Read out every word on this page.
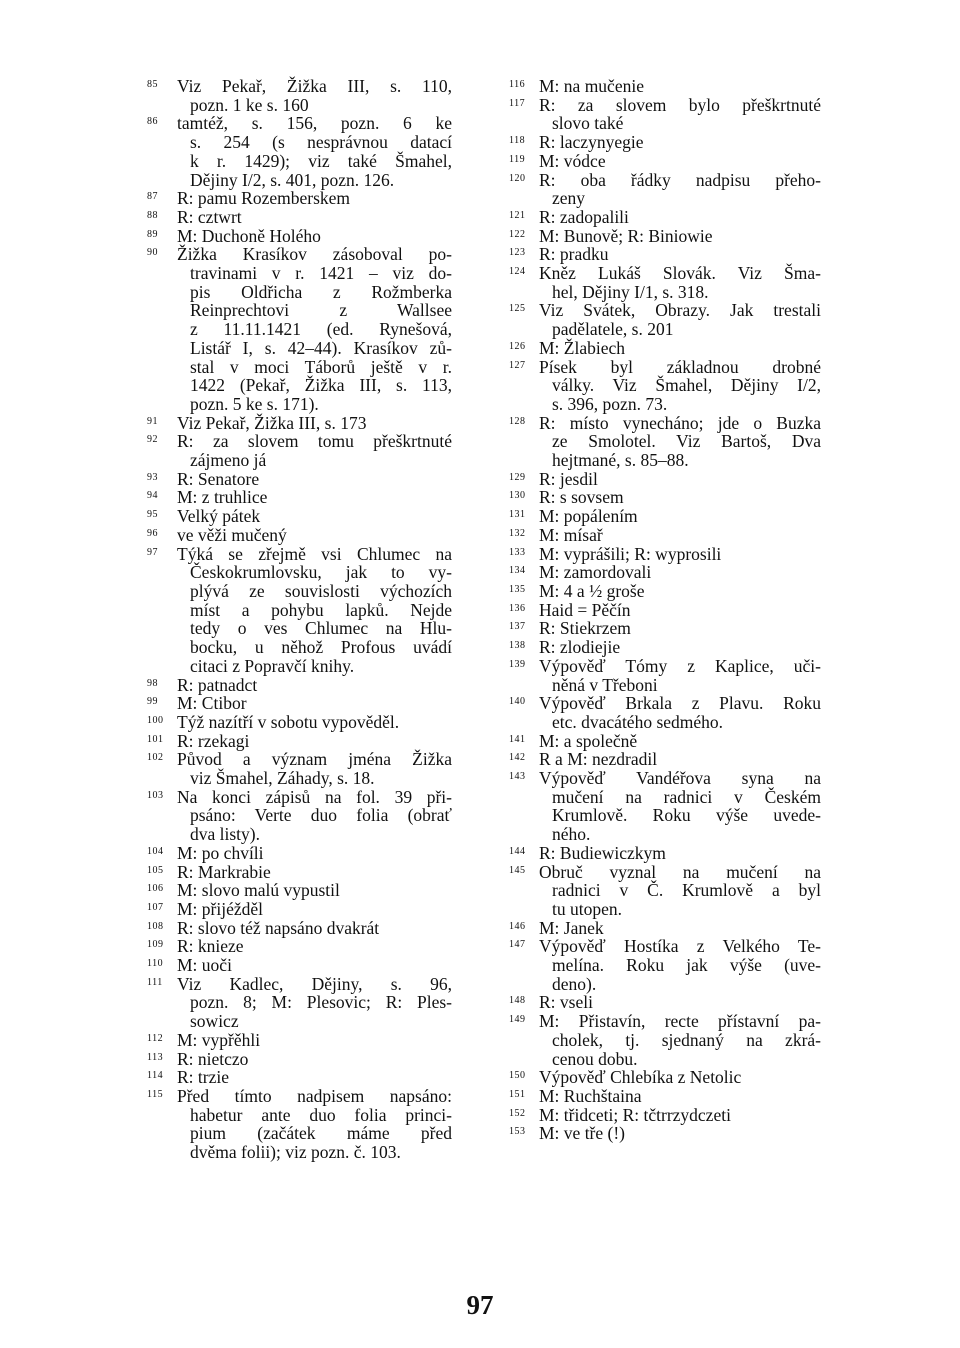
85	Viz Pekař, Žižka III, s. 110,
pozn. 1 ke s. 160
86	tamtéž, s. 156, pozn. 6 ke
s. 254 (s nesprávnou datací
k r. 1429); viz také Šmahel,
Dějiny I/2, s. 401, pozn. 126.
87	R: pamu Rozemberskem
88	R: cztwrt
89	M: Duchoně Holého
90	Žižka Krasíkov zásoboval po-
travinami v r. 1421 – viz do-
pis Oldřicha z Rožmberka
Reinprechtovi z Wallsee
z 11.11.1421 (ed. Rynešová,
Listář I, s. 42–44). Krasíkov zů-
stal v moci Táborů ještě v r.
1422 (Pekař, Žižka III, s. 113,
pozn. 5 ke s. 171).
91	Viz Pekař, Žižka III, s. 173
92	R: za slovem tomu přeškrtnuté
zájmeno já
93	R: Senatore
94	M: z truhlice
95	Velký pátek
96	ve věži mučený
97	Týká se zřejmě vsi Chlumec na
Českokrumlovsku, jak to vy-
plývá ze souvislosti výchozích
míst a pohybu lapků. Nejde
tedy o ves Chlumec na Hlu-
bocku, u něhož Profous uvádí
citaci z Popravčí knihy.
98	R: patnadct
99	M: Ctibor
100 Týž nazítří v sobotu vypověděl.
101 R: rzekagi
102 Původ a význam jména Žižka
viz Šmahel, Záhady, s. 18.
103 Na konci zápisů na fol. 39 při-
psáno: Verte duo folia (obrať
dva listy).
104 M: po chvíli
105 R: Markrabie
106 M: slovo malú vypustil
107 M: přijéžděl
108 R: slovo též napsáno dvakrát
109 R: knieze
110 M: uoči
111 Viz Kadlec, Dějiny, s. 96,
pozn. 8; M: Plesovic; R: Ples-
sowicz
112 M: vypřěhli
113 R: nietczo
114 R: trzie
115 Před tímto nadpisem napsáno:
habetur ante duo folia princi-
pium (začátek máme před
dvěma folii); viz pozn. č. 103.
116 M: na mučenie
117 R: za slovem bylo přeškrtnuté
slovo také
118 R: laczynyegie
119 M: vódce
120 R: oba řádky nadpisu přeho-
zeny
121 R: zadopalili
122 M: Bunově; R: Biniowie
123 R: pradku
124 Kněz Lukáš Slovák. Viz Šma-
hel, Dějiny I/1, s. 318.
125 Viz Svátek, Obrazy. Jak trestali
padělatele, s. 201
126 M: Žlabiech
127 Písek byl základnou drobné
války. Viz Šmahel, Dějiny I/2,
s. 396, pozn. 73.
128 R: místo vynecháno; jde o Buzka
ze Smolotel. Viz Bartoš, Dva
hejtmané, s. 85–88.
129 R: jesdil
130 R: s sovsem
131 M: popálením
132 M: mísař
133 M: vyprášili; R: wyprosili
134 M: zamordovali
135 M: 4 a ½ groše
136 Haid = Pěčín
137 R: Stiekrzem
138 R: zlodiejie
139 Výpověď Tómy z Kaplice, uči-
něná v Třeboni
140 Výpověď Brkala z Plavu. Roku
etc. dvacátého sedmého.
141 M: a společně
142 R a M: nezdradil
143 Výpověď Vandéřova syna na
mučení na radnici v Českém
Krumlově. Roku výše uvede-
ného.
144 R: Budiewiczkym
145 Obruč vyznal na mučení na
radnici v Č. Krumlově a byl
tu utopen.
146 M: Janek
147 Výpověď Hostíka z Velkého Te-
melína. Roku jak výše (uve-
deno).
148 R: vseli
149 M: Přistavín, recte přístavní pa-
cholek, tj. sjednaný na zkrá-
cenou dobu.
150 Výpověď Chlebíka z Netolic
151 M: Ruchštaina
152 M: třidceti; R: tčtrrzydczeti
153 M: ve tře (!)
97
